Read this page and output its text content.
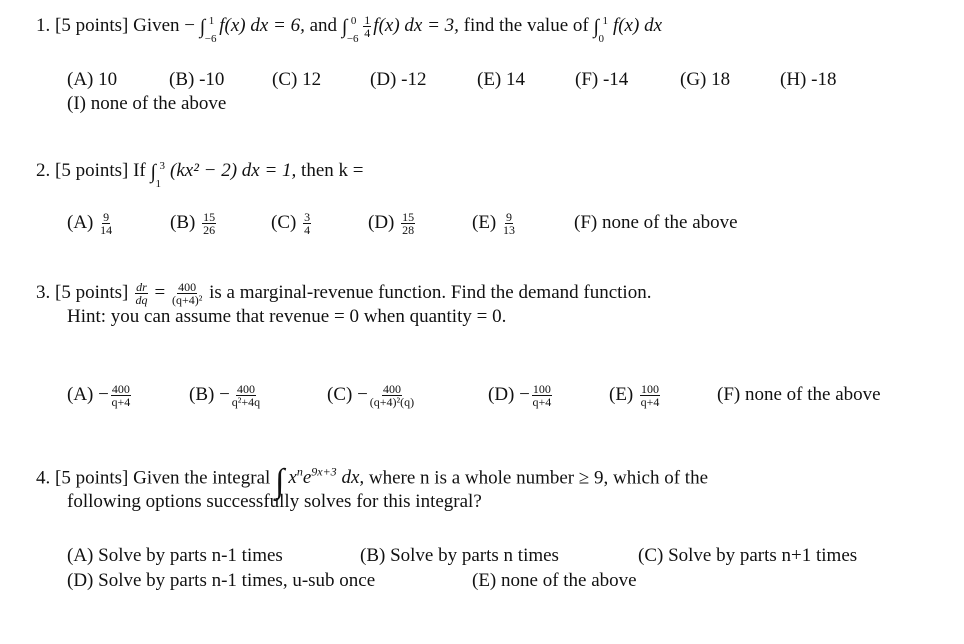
1. [5 points] Given − ∫ 1
−6
f(x) dx = 6, and ∫ 0
$-6 \frac{1}{4} f(x)$ dx = 3, find the value of ∫ 1
0
f(x) dx
(A) 10	(B) -10	(C) 12	(D) -12	(E) 14	(F) -14	(G) 18	(H) -18
(I) none of the above
2. [5 points] If ∫ 3
1
(kx² − 2) dx = 1, then k =
$(A) \frac{9}{14}$	$(B) \frac{15}{26}$	$(C) \frac{3}{4}$	$(D) \frac{15}{28}$	$(E) \frac{9}{13}$	(F) none of the above
3. [5 points] $\frac{dr}{dq} = \frac{400}{\text{(q+4)²}}$ is a marginal-revenue function. Find the demand function.
Hint: you can assume that revenue = 0 when quantity = 0.
$(A) - \frac{400}{q+4}$	$(B) - \frac{400}{\text{q²+4q}}$	$(C) - \frac{400}{\text{(q+4)²(q)}}$	$(D) - \frac{100}{q+4}$	$(E) \frac{100}{q+4}$	(F) none of the above
4. [5 points] Given the integral ∫ $x^ne^{9x+3}$ dx, where n is a whole number ≥ 9, which of the
following options successfully solves for this integral?
(A) Solve by parts n-1 times	(B) Solve by parts n times	(C) Solve by parts n+1 times
(D) Solve by parts n-1 times, u-sub once	(E) none of the above
